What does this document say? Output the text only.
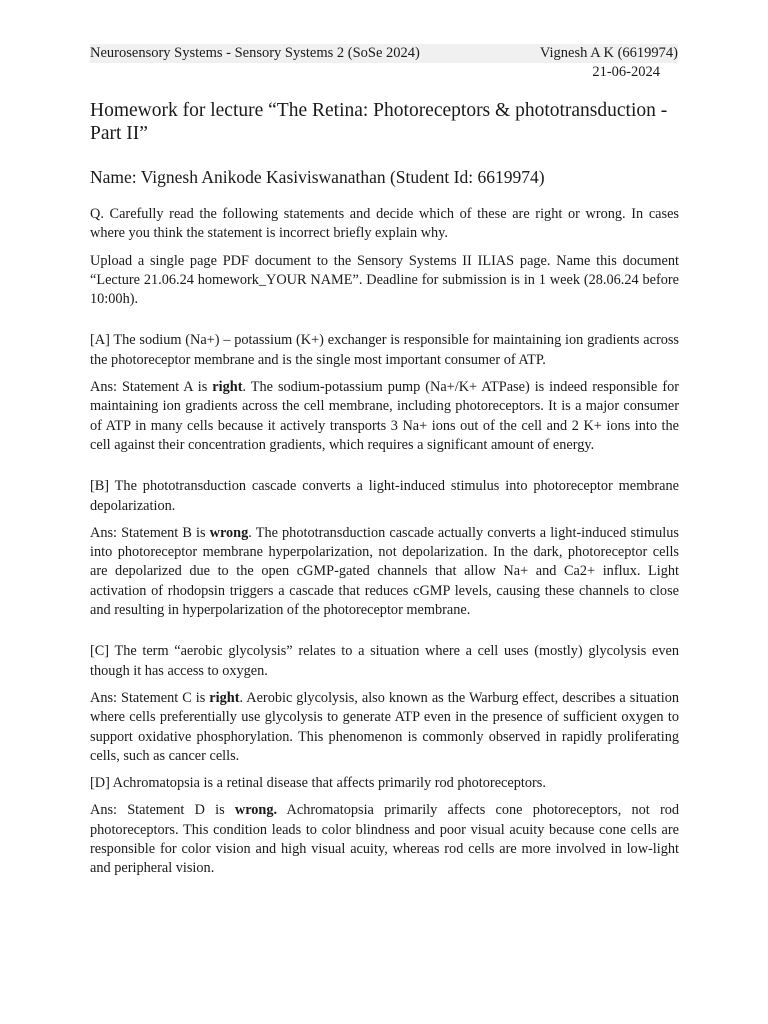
Neurosensory Systems - Sensory Systems 2 (SoSe 2024)	Vignesh A K (6619974)
21-06-2024
Homework for lecture “The Retina: Photoreceptors & phototransduction - Part II”

Name: Vignesh Anikode Kasiviswanathan (Student Id: 6619974)

Q. Carefully read the following statements and decide which of these are right or wrong. In cases where you think the statement is incorrect briefly explain why.

Upload a single page PDF document to the Sensory Systems II ILIAS page. Name this document “Lecture 21.06.24 homework_YOUR NAME”. Deadline for submission is in 1 week (28.06.24 before 10:00h).

[A] The sodium (Na+) – potassium (K+) exchanger is responsible for maintaining ion gradients across the photoreceptor membrane and is the single most important consumer of ATP.

Ans: Statement A is right. The sodium-potassium pump (Na+/K+ ATPase) is indeed responsible for maintaining ion gradients across the cell membrane, including photoreceptors. It is a major consumer of ATP in many cells because it actively transports 3 Na+ ions out of the cell and 2 K+ ions into the cell against their concentration gradients, which requires a significant amount of energy.

[B] The phototransduction cascade converts a light-induced stimulus into photoreceptor membrane depolarization.

Ans: Statement B is wrong. The phototransduction cascade actually converts a light-induced stimulus into photoreceptor membrane hyperpolarization, not depolarization. In the dark, photoreceptor cells are depolarized due to the open cGMP-gated channels that allow Na+ and Ca2+ influx. Light activation of rhodopsin triggers a cascade that reduces cGMP levels, causing these channels to close and resulting in hyperpolarization of the photoreceptor membrane.

[C] The term “aerobic glycolysis” relates to a situation where a cell uses (mostly) glycolysis even though it has access to oxygen.

Ans: Statement C is right. Aerobic glycolysis, also known as the Warburg effect, describes a situation where cells preferentially use glycolysis to generate ATP even in the presence of sufficient oxygen to support oxidative phosphorylation. This phenomenon is commonly observed in rapidly proliferating cells, such as cancer cells.

[D] Achromatopsia is a retinal disease that affects primarily rod photoreceptors.

Ans: Statement D is wrong. Achromatopsia primarily affects cone photoreceptors, not rod photoreceptors. This condition leads to color blindness and poor visual acuity because cone cells are responsible for color vision and high visual acuity, whereas rod cells are more involved in low-light and peripheral vision.
